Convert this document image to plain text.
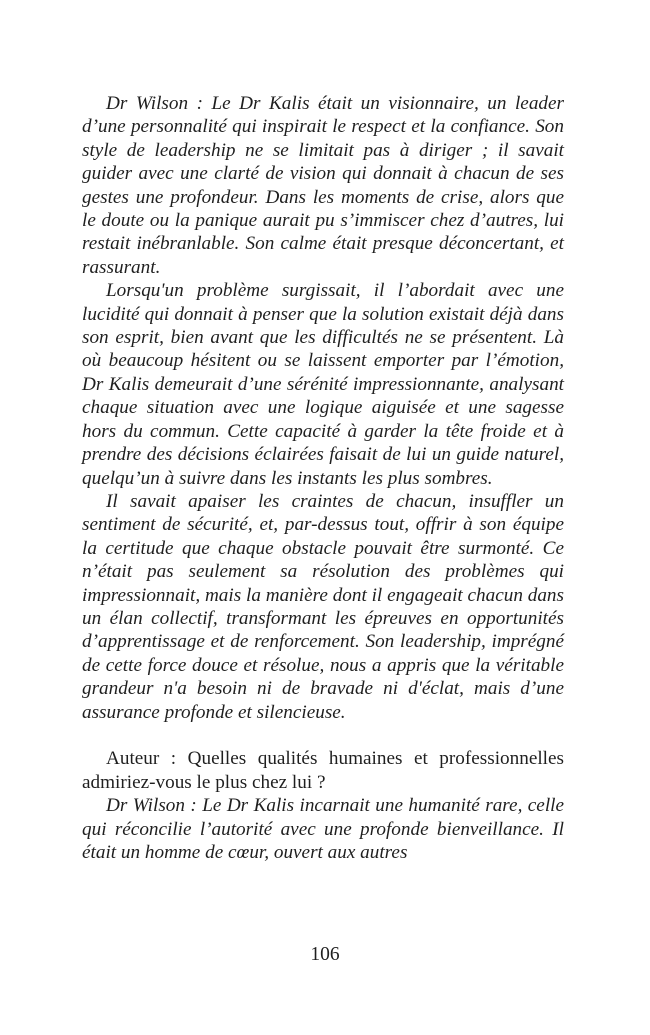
Dr Wilson : Le Dr Kalis était un visionnaire, un leader d’une personnalité qui inspirait le respect et la confiance. Son style de leadership ne se limitait pas à diriger ; il savait guider avec une clarté de vision qui donnait à chacun de ses gestes une profondeur. Dans les moments de crise, alors que le doute ou la panique aurait pu s’immiscer chez d’autres, lui restait inébranlable. Son calme était presque déconcertant, et rassurant.

Lorsqu'un problème surgissait, il l’abordait avec une lucidité qui donnait à penser que la solution existait déjà dans son esprit, bien avant que les difficultés ne se présentent. Là où beaucoup hésitent ou se laissent emporter par l’émotion, Dr Kalis demeurait d’une sérénité impressionnante, analysant chaque situation avec une logique aiguisée et une sagesse hors du commun. Cette capacité à garder la tête froide et à prendre des décisions éclairées faisait de lui un guide naturel, quelqu’un à suivre dans les instants les plus sombres.

Il savait apaiser les craintes de chacun, insuffler un sentiment de sécurité, et, par-dessus tout, offrir à son équipe la certitude que chaque obstacle pouvait être surmonté. Ce n’était pas seulement sa résolution des problèmes qui impressionnait, mais la manière dont il engageait chacun dans un élan collectif, transformant les épreuves en opportunités d’apprentissage et de renforcement. Son leadership, imprégné de cette force douce et résolue, nous a appris que la véritable grandeur n'a besoin ni de bravade ni d'éclat, mais d’une assurance profonde et silencieuse.

Auteur : Quelles qualités humaines et professionnelles admiriez-vous le plus chez lui ?

Dr Wilson : Le Dr Kalis incarnait une humanité rare, celle qui réconcilie l’autorité avec une profonde bienveillance. Il était un homme de cœur, ouvert aux autres

106
